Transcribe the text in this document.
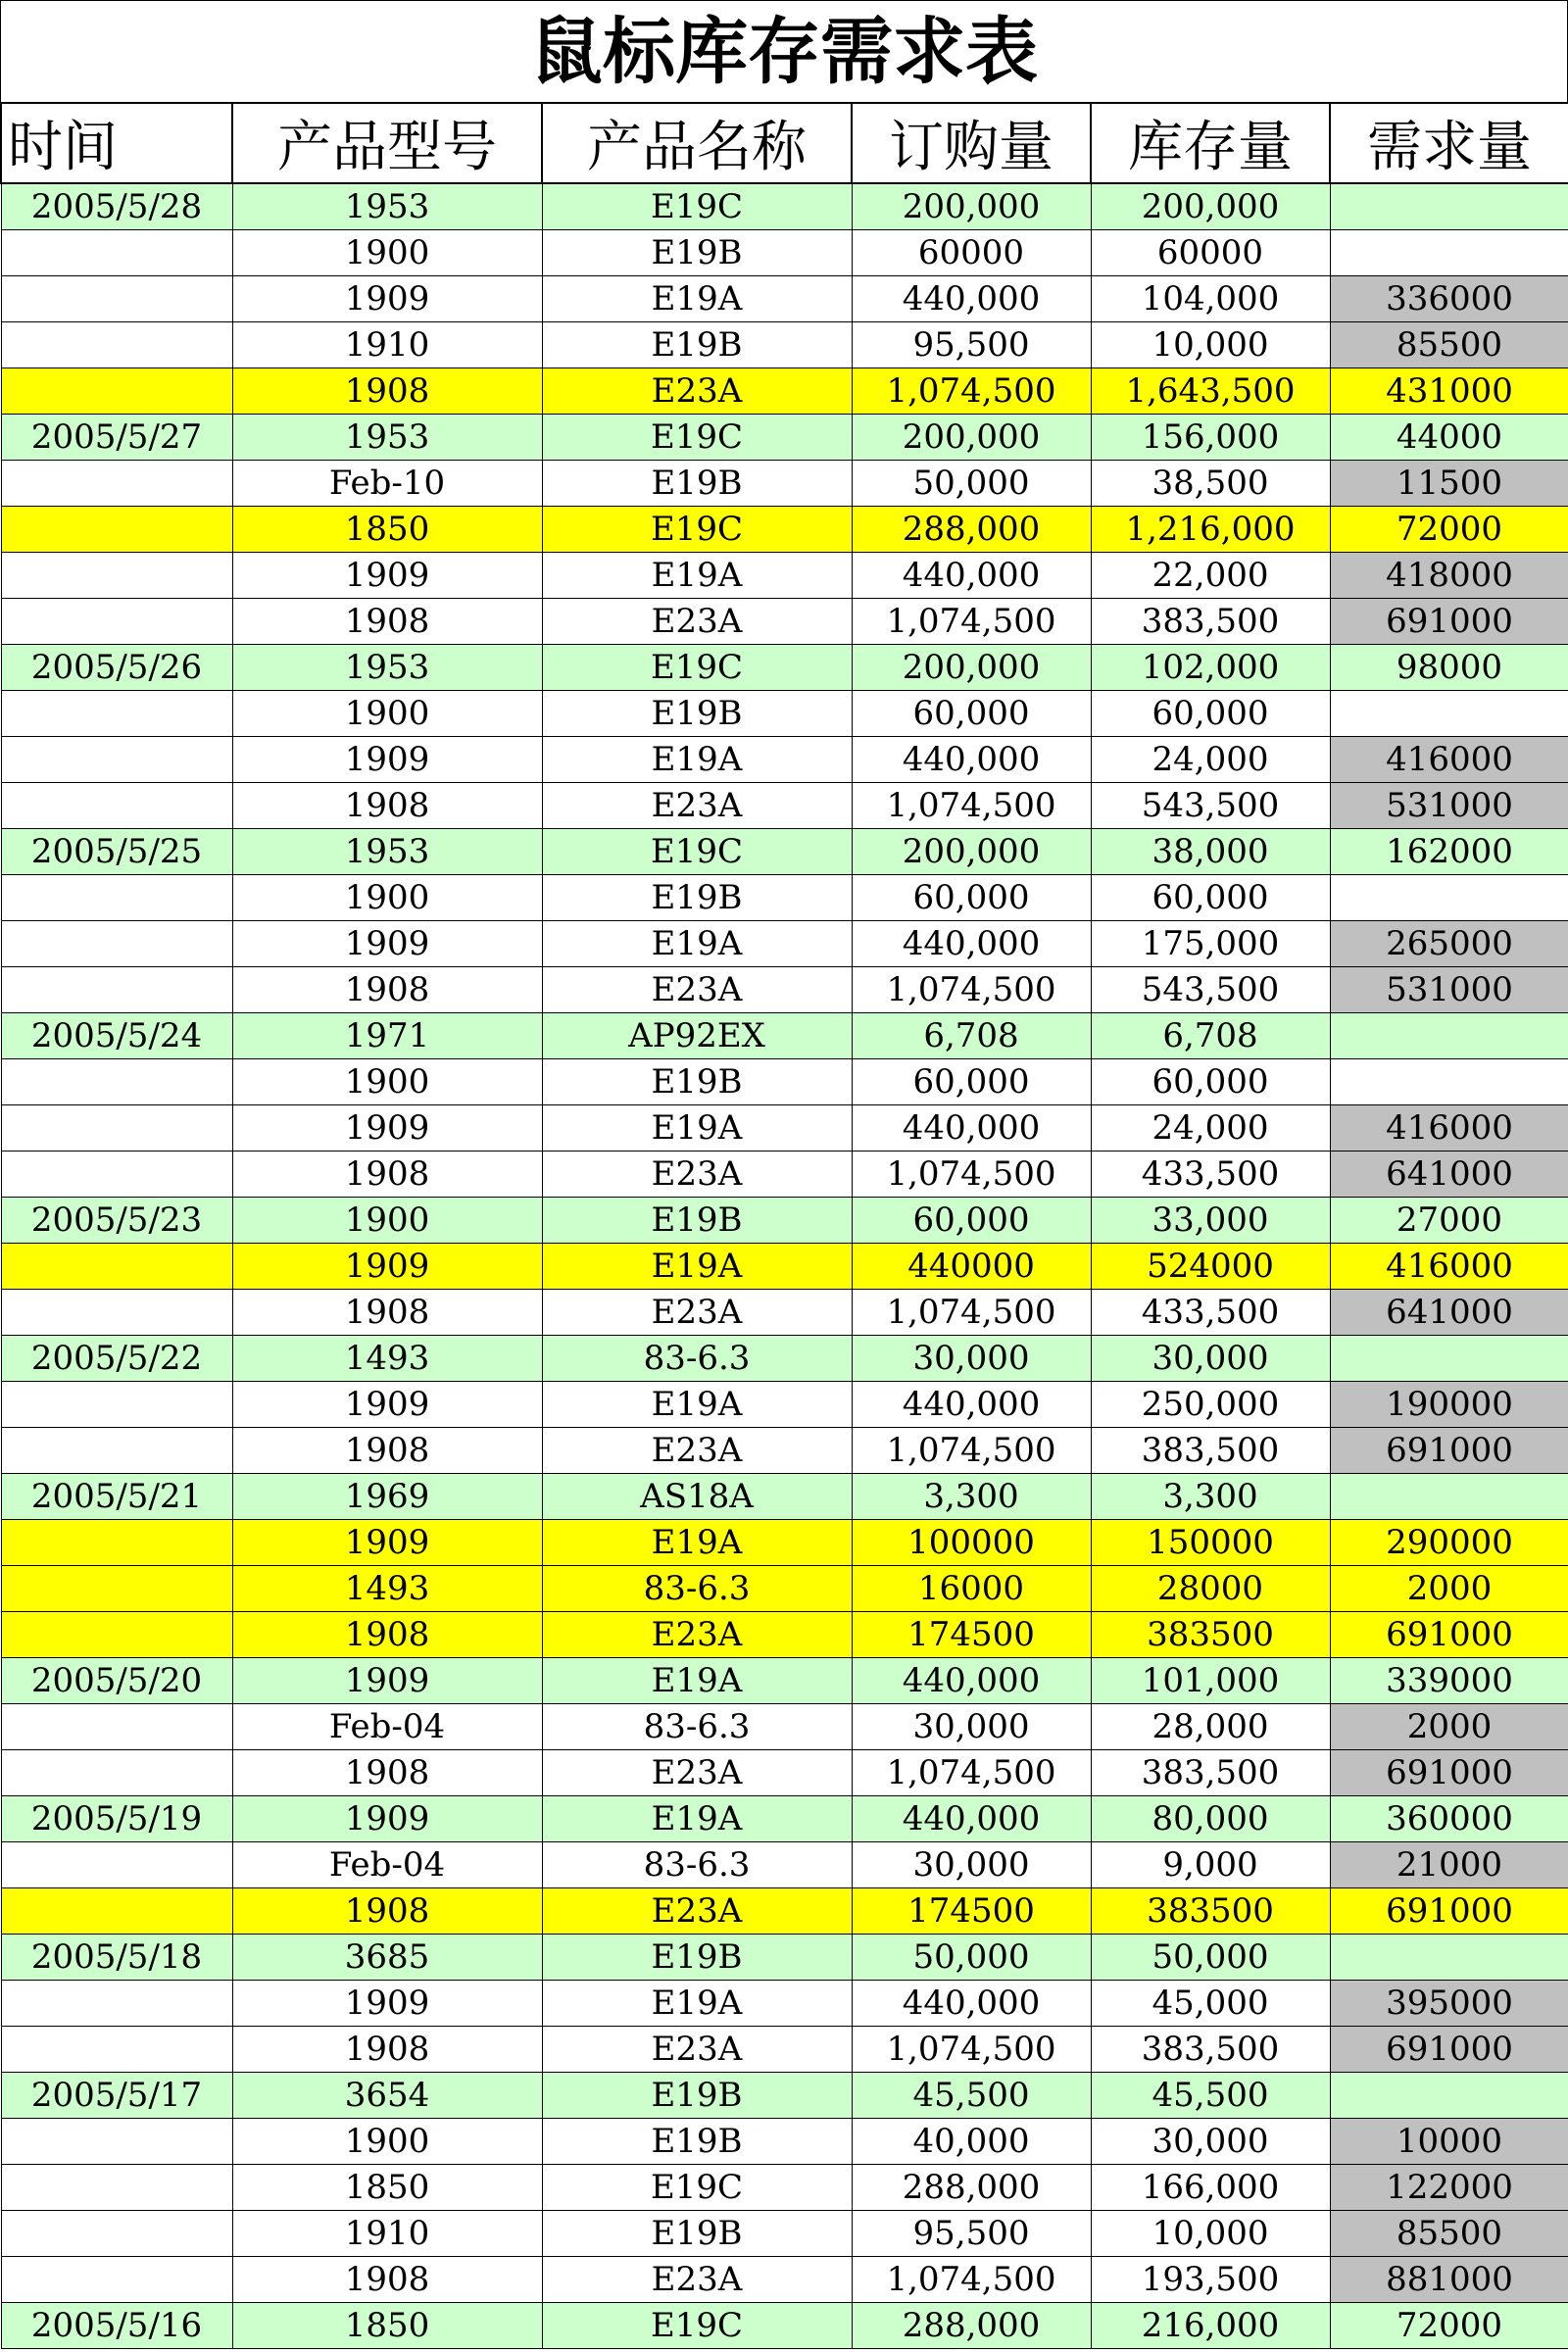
鼠标库存需求表
时间	产品型号	产品名称	订购量	库存量	需求量
2005/5/28	1953	E19C	200,000	200,000	
	1900	E19B	60000	60000	
	1909	E19A	440,000	104,000	336000
	1910	E19B	95,500	10,000	85500
	1908	E23A	1,074,500	1,643,500	431000
2005/5/27	1953	E19C	200,000	156,000	44000
	Feb-10	E19B	50,000	38,500	11500
	1850	E19C	288,000	1,216,000	72000
	1909	E19A	440,000	22,000	418000
	1908	E23A	1,074,500	383,500	691000
2005/5/26	1953	E19C	200,000	102,000	98000
	1900	E19B	60,000	60,000	
	1909	E19A	440,000	24,000	416000
	1908	E23A	1,074,500	543,500	531000
2005/5/25	1953	E19C	200,000	38,000	162000
	1900	E19B	60,000	60,000	
	1909	E19A	440,000	175,000	265000
	1908	E23A	1,074,500	543,500	531000
2005/5/24	1971	AP92EX	6,708	6,708	
	1900	E19B	60,000	60,000	
	1909	E19A	440,000	24,000	416000
	1908	E23A	1,074,500	433,500	641000
2005/5/23	1900	E19B	60,000	33,000	27000
	1909	E19A	440000	524000	416000
	1908	E23A	1,074,500	433,500	641000
2005/5/22	1493	83-6.3	30,000	30,000	
	1909	E19A	440,000	250,000	190000
	1908	E23A	1,074,500	383,500	691000
2005/5/21	1969	AS18A	3,300	3,300	
	1909	E19A	100000	150000	290000
	1493	83-6.3	16000	28000	2000
	1908	E23A	174500	383500	691000
2005/5/20	1909	E19A	440,000	101,000	339000
	Feb-04	83-6.3	30,000	28,000	2000
	1908	E23A	1,074,500	383,500	691000
2005/5/19	1909	E19A	440,000	80,000	360000
	Feb-04	83-6.3	30,000	9,000	21000
	1908	E23A	174500	383500	691000
2005/5/18	3685	E19B	50,000	50,000	
	1909	E19A	440,000	45,000	395000
	1908	E23A	1,074,500	383,500	691000
2005/5/17	3654	E19B	45,500	45,500	
	1900	E19B	40,000	30,000	10000
	1850	E19C	288,000	166,000	122000
	1910	E19B	95,500	10,000	85500
	1908	E23A	1,074,500	193,500	881000
2005/5/16	1850	E19C	288,000	216,000	72000
